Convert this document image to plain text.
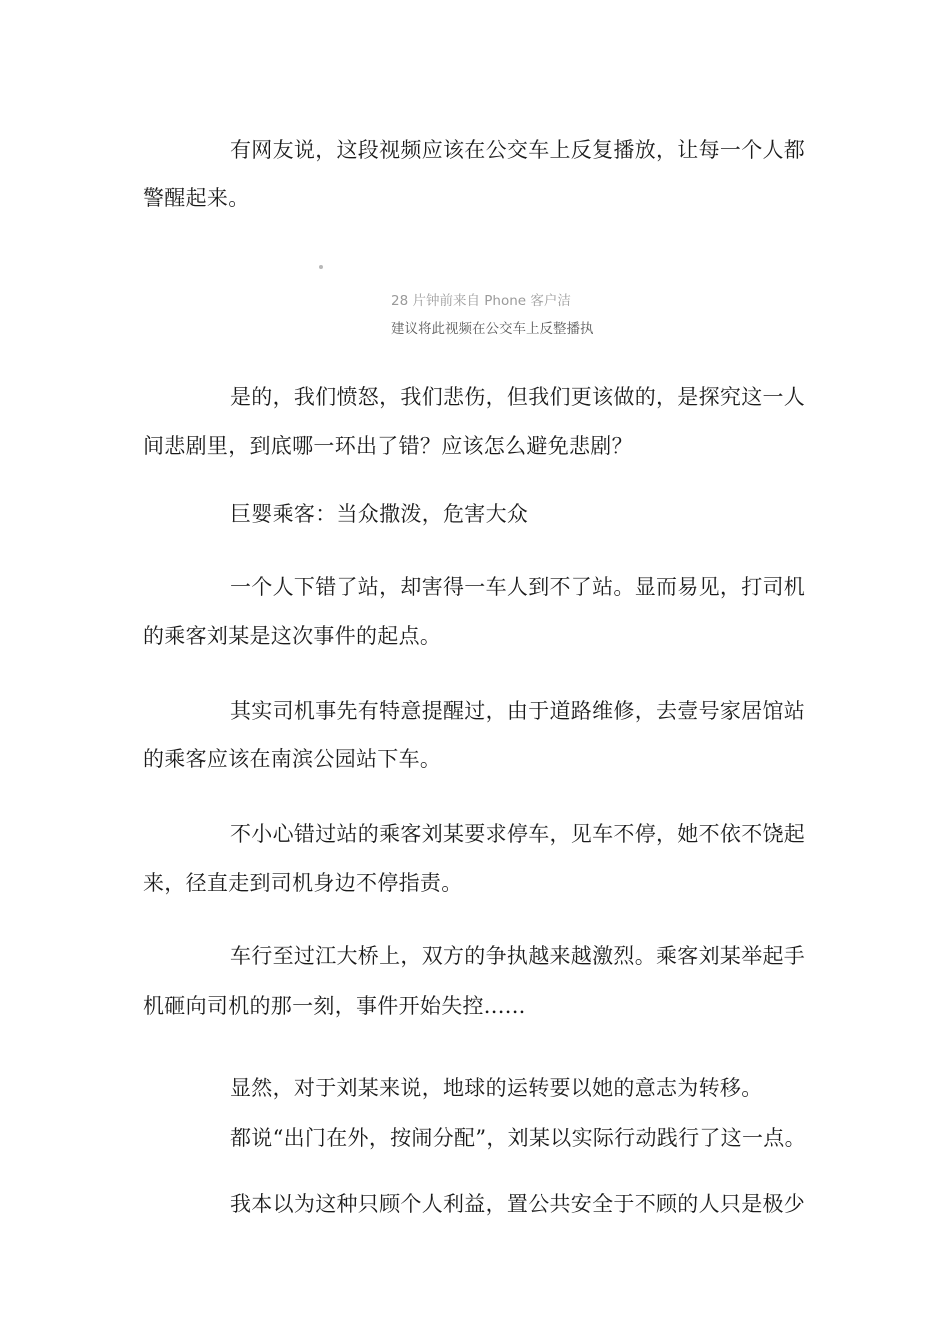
有网友说，这段视频应该在公交车上反复播放，让每一个人都
警醒起来。
28 片钟前来自 Phone 客户洁
建议将此视频在公交车上反整播执
是的，我们愤怒，我们悲伤，但我们更该做的，是探究这一人
间悲剧里，到底哪一环出了错？应该怎么避免悲剧？
巨婴乘客：当众撒泼，危害大众
一个人下错了站，却害得一车人到不了站。显而易见，打司机
的乘客刘某是这次事件的起点。
其实司机事先有特意提醒过，由于道路维修，去壹号家居馆站
的乘客应该在南滨公园站下车。
不小心错过站的乘客刘某要求停车，见车不停，她不依不饶起
来，径直走到司机身边不停指责。
车行至过江大桥上，双方的争执越来越激烈。乘客刘某举起手
机砸向司机的那一刻，事件开始失控......
显然，对于刘某来说，地球的运转要以她的意志为转移。
都说“出门在外，按闹分配”，刘某以实际行动践行了这一点。
我本以为这种只顾个人利益，置公共安全于不顾的人只是极少
